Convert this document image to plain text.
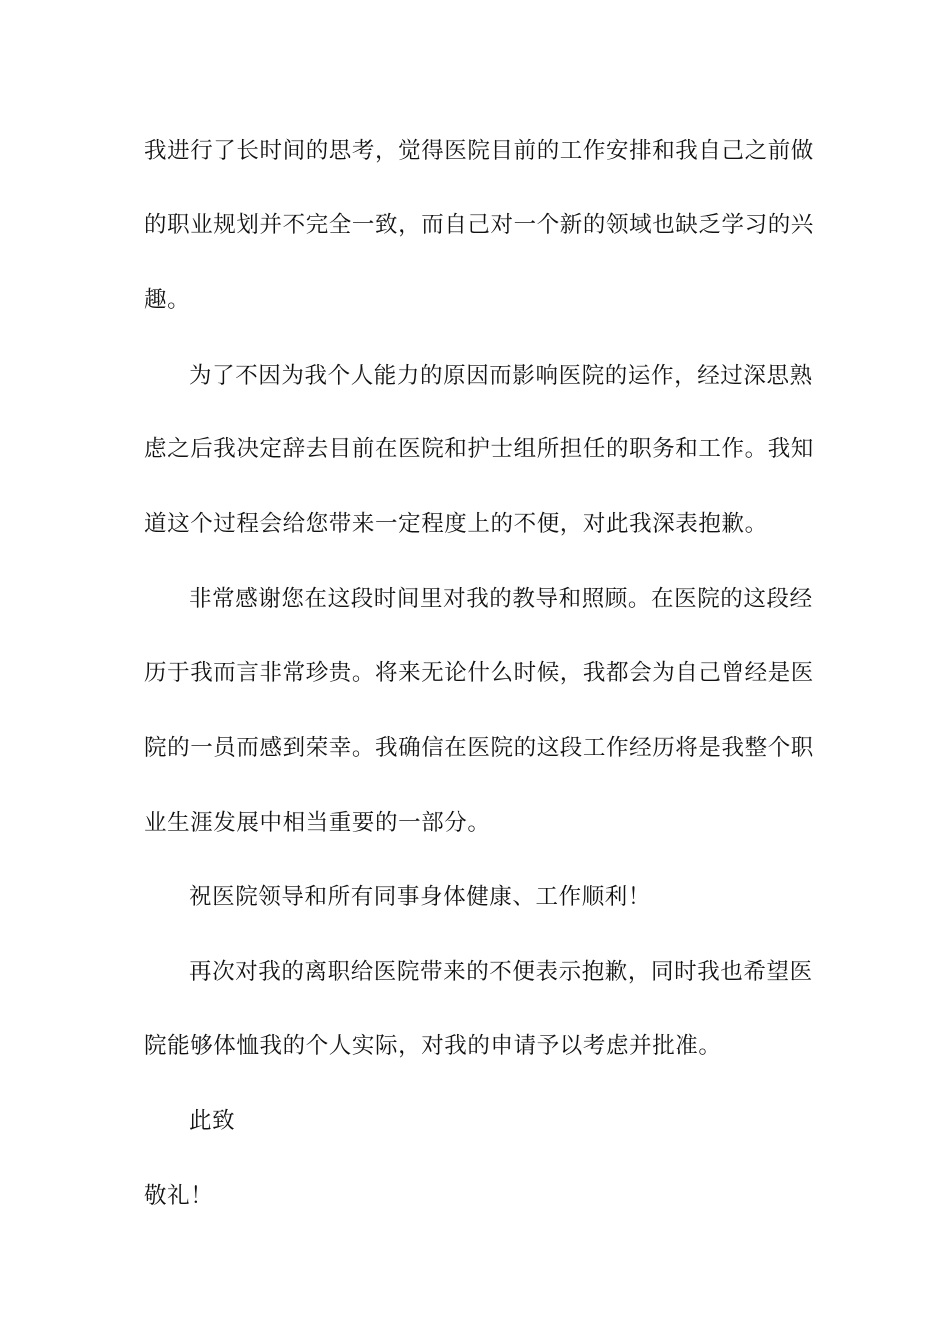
我进行了长时间的思考，觉得医院目前的工作安排和我自己之前做
的职业规划并不完全一致，而自己对一个新的领域也缺乏学习的兴
趣。
为了不因为我个人能力的原因而影响医院的运作，经过深思熟
虑之后我决定辞去目前在医院和护士组所担任的职务和工作。我知
道这个过程会给您带来一定程度上的不便，对此我深表抱歉。
非常感谢您在这段时间里对我的教导和照顾。在医院的这段经
历于我而言非常珍贵。将来无论什么时候，我都会为自己曾经是医
院的一员而感到荣幸。我确信在医院的这段工作经历将是我整个职
业生涯发展中相当重要的一部分。
祝医院领导和所有同事身体健康、工作顺利！
再次对我的离职给医院带来的不便表示抱歉，同时我也希望医
院能够体恤我的个人实际，对我的申请予以考虑并批准。
此致
敬礼！
